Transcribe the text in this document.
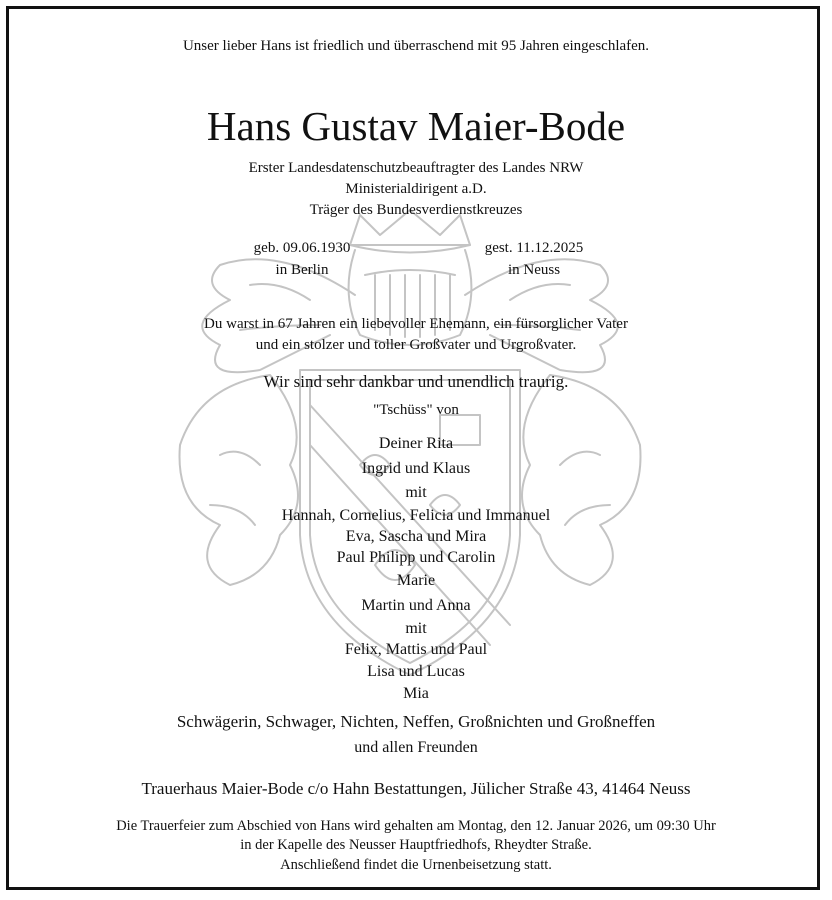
Unser lieber Hans ist friedlich und überraschend mit 95 Jahren eingeschlafen.
Hans Gustav Maier-Bode
Erster Landesdatenschutzbeauftragter des Landes NRW
Ministerialdirigent a.D.
Träger des Bundesverdienstkreuzes
geb. 09.06.1930
in Berlin
gest. 11.12.2025
in Neuss
Du warst in 67 Jahren ein liebevoller Ehemann, ein fürsorglicher Vater
und ein stolzer und toller Großvater und Urgroßvater.
Wir sind sehr dankbar und unendlich traurig.
"Tschüss" von
Deiner Rita
Ingrid und Klaus
mit
Hannah, Cornelius, Felicia und Immanuel
Eva, Sascha und Mira
Paul Philipp und Carolin
Marie
Martin und Anna
mit
Felix, Mattis und Paul
Lisa und Lucas
Mia
Schwägerin, Schwager, Nichten, Neffen, Großnichten und Großneffen
und allen Freunden
Trauerhaus Maier-Bode c/o Hahn Bestattungen, Jülicher Straße 43, 41464 Neuss
Die Trauerfeier zum Abschied von Hans wird gehalten am Montag, den 12. Januar 2026, um 09:30 Uhr
in der Kapelle des Neusser Hauptfriedhofs, Rheydter Straße.
Anschließend findet die Urnenbeisetzung statt.
